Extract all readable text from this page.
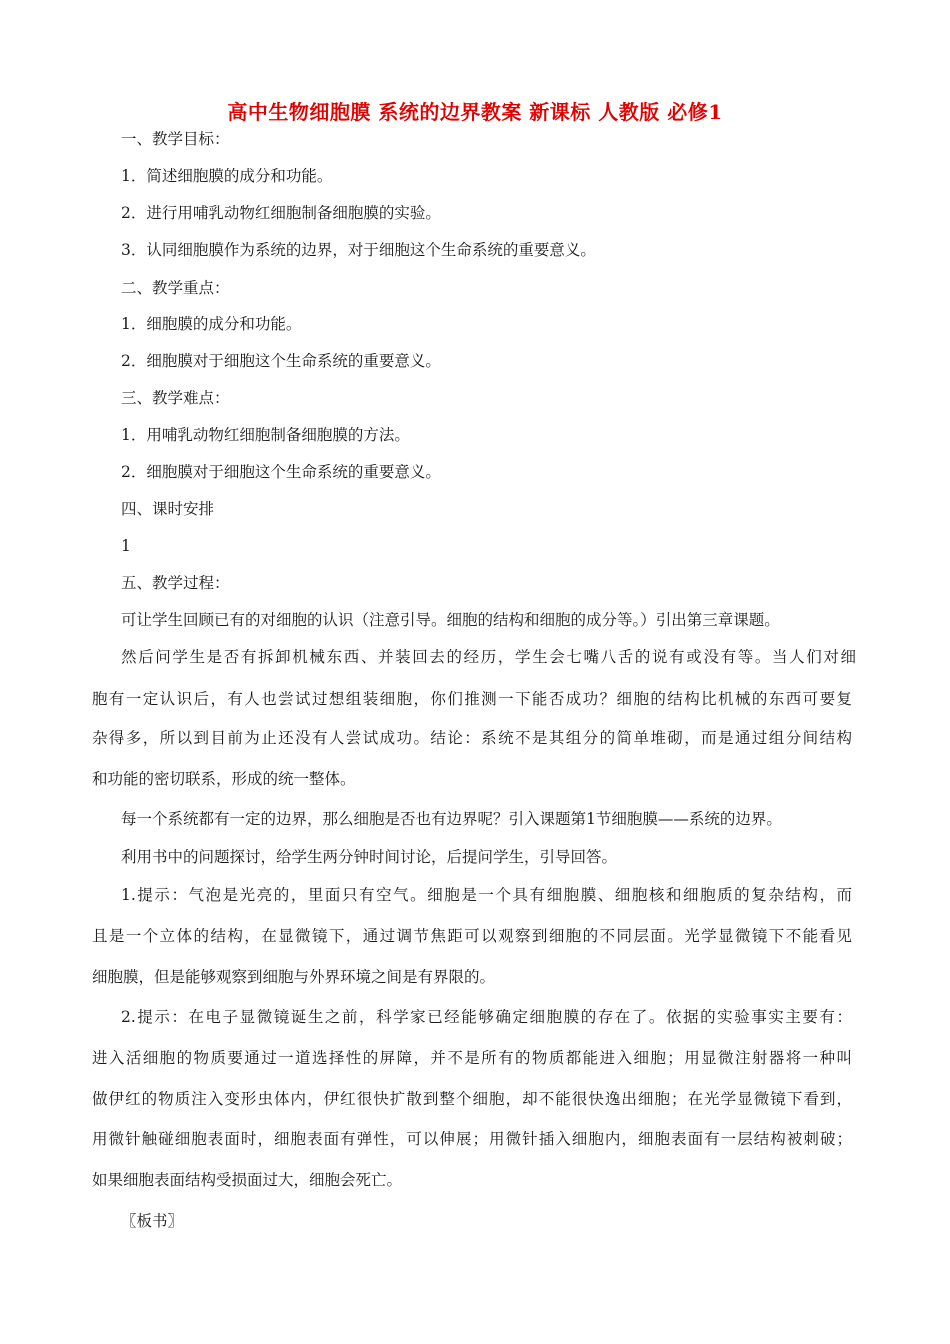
高中生物细胞膜 系统的边界教案 新课标 人教版 必修1
一、教学目标：
1．简述细胞膜的成分和功能。
2．进行用哺乳动物红细胞制备细胞膜的实验。
3．认同细胞膜作为系统的边界，对于细胞这个生命系统的重要意义。
二、教学重点：
1．细胞膜的成分和功能。
2．细胞膜对于细胞这个生命系统的重要意义。
三、教学难点：
1．用哺乳动物红细胞制备细胞膜的方法。
2．细胞膜对于细胞这个生命系统的重要意义。
四、课时安排
1
五、教学过程：
可让学生回顾已有的对细胞的认识（注意引导。细胞的结构和细胞的成分等。）引出第三章课题。
然后问学生是否有拆卸机械东西、并装回去的经历，学生会七嘴八舌的说有或没有等。当人们对细
胞有一定认识后，有人也尝试过想组装细胞，你们推测一下能否成功？细胞的结构比机械的东西可要复
杂得多，所以到目前为止还没有人尝试成功。结论：系统不是其组分的简单堆砌，而是通过组分间结构
和功能的密切联系，形成的统一整体。
每一个系统都有一定的边界，那么细胞是否也有边界呢？引入课题第1节细胞膜——系统的边界。
利用书中的问题探讨，给学生两分钟时间讨论，后提问学生，引导回答。
1.提示：气泡是光亮的，里面只有空气。细胞是一个具有细胞膜、细胞核和细胞质的复杂结构，而
且是一个立体的结构，在显微镜下，通过调节焦距可以观察到细胞的不同层面。光学显微镜下不能看见
细胞膜，但是能够观察到细胞与外界环境之间是有界限的。
2.提示：在电子显微镜诞生之前，科学家已经能够确定细胞膜的存在了。依据的实验事实主要有：
进入活细胞的物质要通过一道选择性的屏障，并不是所有的物质都能进入细胞；用显微注射器将一种叫
做伊红的物质注入变形虫体内，伊红很快扩散到整个细胞，却不能很快逸出细胞；在光学显微镜下看到，
用微针触碰细胞表面时，细胞表面有弹性，可以伸展；用微针插入细胞内，细胞表面有一层结构被刺破；
如果细胞表面结构受损面过大，细胞会死亡。
〖板书〗
